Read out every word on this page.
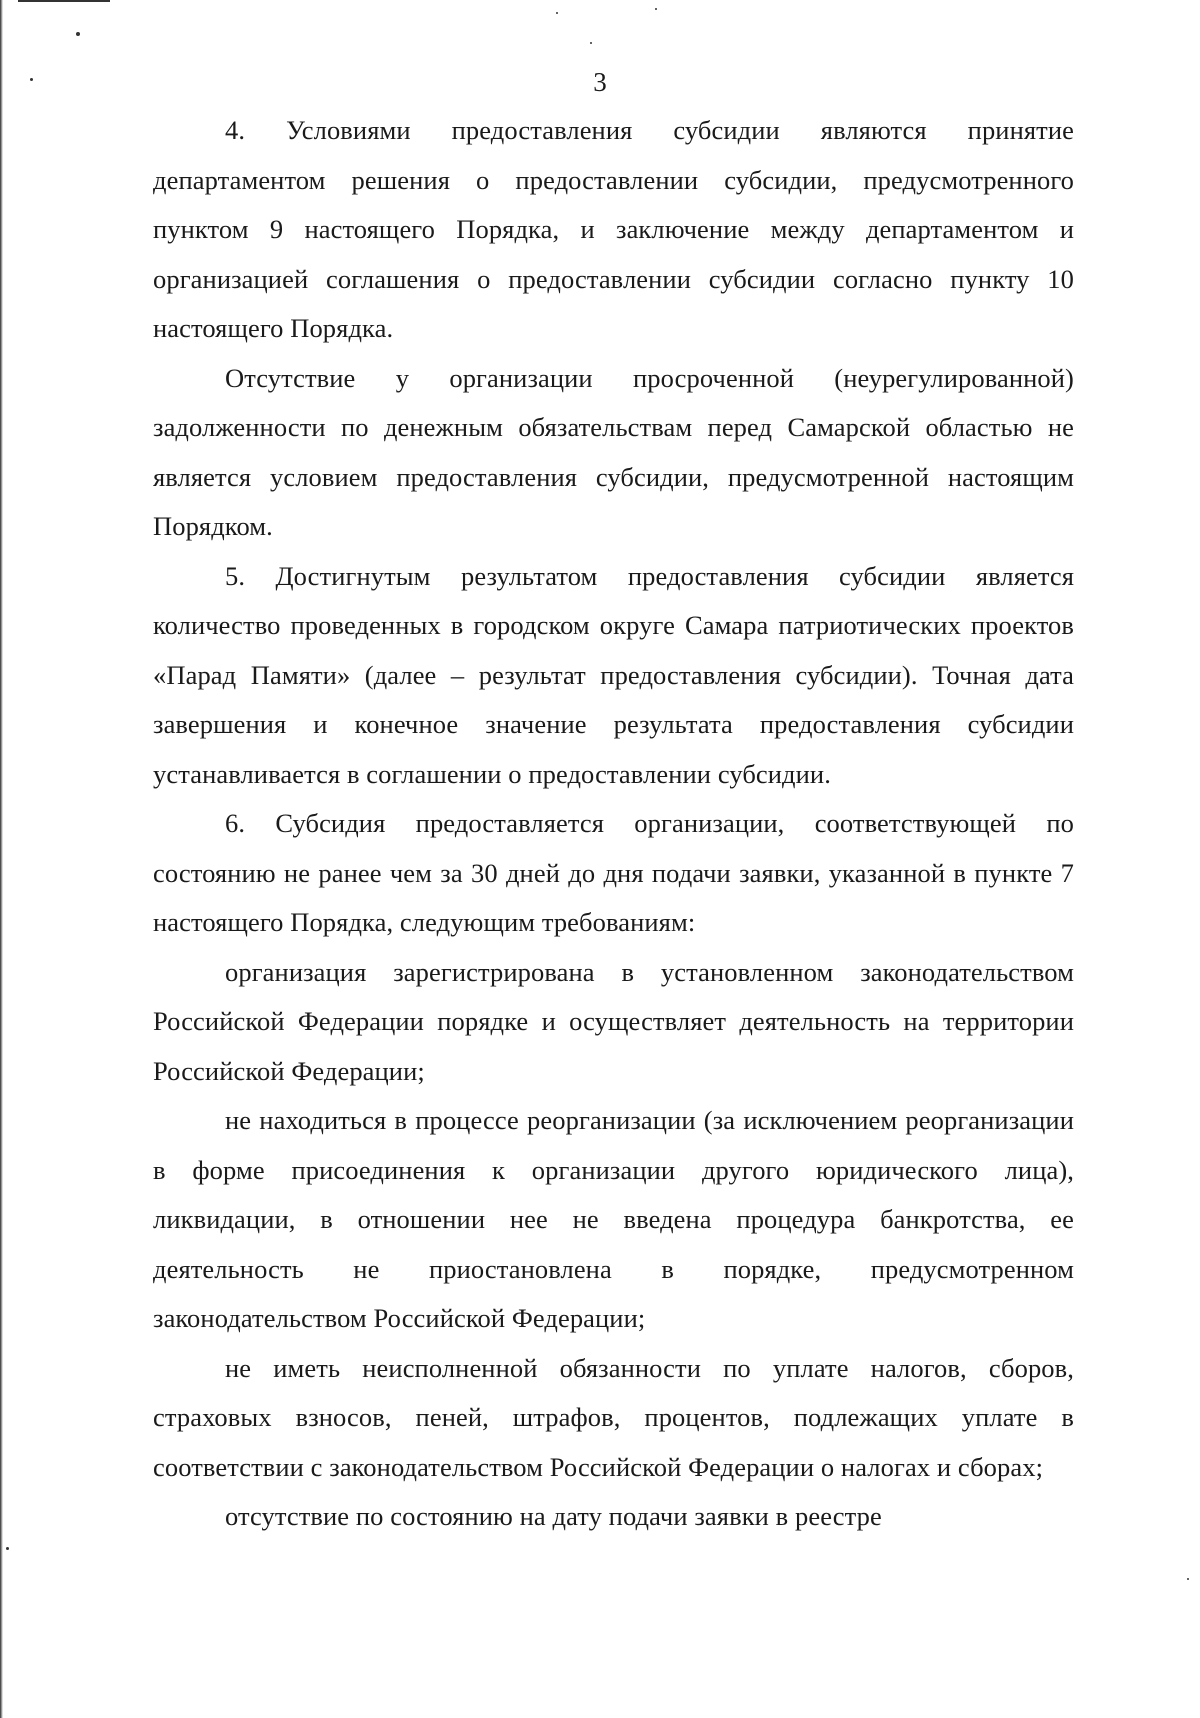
3

4. Условиями предоставления субсидии являются принятие департаментом решения о предоставлении субсидии, предусмотренного пунктом 9 настоящего Порядка, и заключение между департаментом и организацией соглашения о предоставлении субсидии согласно пункту 10 настоящего Порядка.

Отсутствие у организации просроченной (неурегулированной) задолженности по денежным обязательствам перед Самарской областью не является условием предоставления субсидии, предусмотренной настоящим Порядком.

5. Достигнутым результатом предоставления субсидии является количество проведенных в городском округе Самара патриотических проектов «Парад Памяти» (далее – результат предоставления субсидии). Точная дата завершения и конечное значение результата предоставления субсидии устанавливается в соглашении о предоставлении субсидии.

6. Субсидия предоставляется организации, соответствующей по состоянию не ранее чем за 30 дней до дня подачи заявки, указанной в пункте 7 настоящего Порядка, следующим требованиям:

организация зарегистрирована в установленном законодательством Российской Федерации порядке и осуществляет деятельность на территории Российской Федерации;

не находиться в процессе реорганизации (за исключением реорганизации в форме присоединения к организации другого юридического лица), ликвидации, в отношении нее не введена процедура банкротства, ее деятельность не приостановлена в порядке, предусмотренном законодательством Российской Федерации;

не иметь неисполненной обязанности по уплате налогов, сборов, страховых взносов, пеней, штрафов, процентов, подлежащих уплате в соответствии с законодательством Российской Федерации о налогах и сборах;

отсутствие по состоянию на дату подачи заявки в реестре
